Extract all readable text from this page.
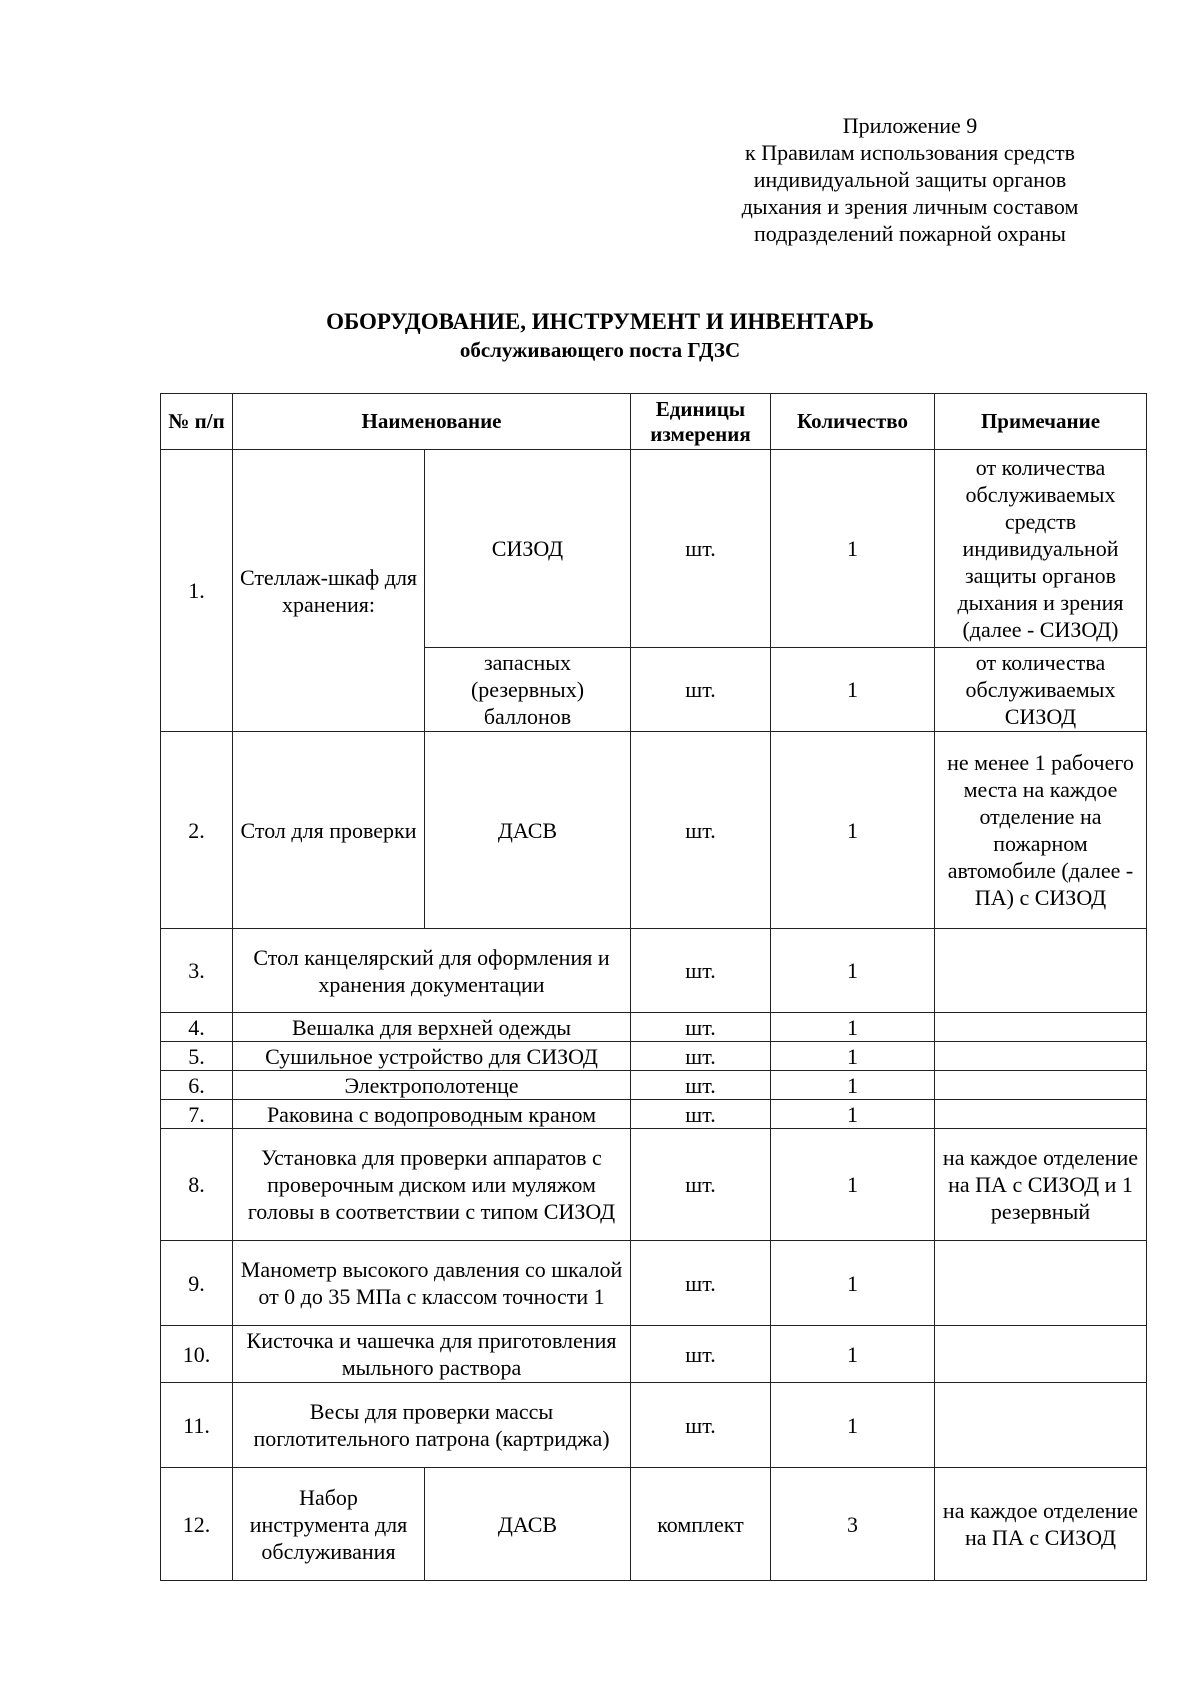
Приложение 9
к Правилам использования средств
индивидуальной защиты органов
дыхания и зрения личным составом
подразделений пожарной охраны
ОБОРУДОВАНИЕ, ИНСТРУМЕНТ И ИНВЕНТАРЬ
обслуживающего поста ГДЗС
№ п/п	Наименование		Единицы измерения	Количество	Примечание
1.	Стеллаж-шкаф для хранения:	СИЗОД	шт.	1	от количества обслуживаемых средств индивидуальной защиты органов дыхания и зрения (далее - СИЗОД)
		запасных (резервных) баллонов	шт.	1	от количества обслуживаемых СИЗОД
2.	Стол для проверки	ДАСВ	шт.	1	не менее 1 рабочего места на каждое отделение на пожарном автомобиле (далее - ПА) с СИЗОД
3.	Стол канцелярский для оформления и хранения документации		шт.	1	
4.	Вешалка для верхней одежды		шт.	1	
5.	Сушильное устройство для СИЗОД		шт.	1	
6.	Электрополотенце		шт.	1	
7.	Раковина с водопроводным краном		шт.	1	
8.	Установка для проверки аппаратов с проверочным диском или муляжом головы в соответствии с типом СИЗОД		шт.	1	на каждое отделение на ПА с СИЗОД и 1 резервный
9.	Манометр высокого давления со шкалой от 0 до 35 МПа с классом точности 1		шт.	1	
10.	Кисточка и чашечка для приготовления мыльного раствора		шт.	1	
11.	Весы для проверки массы поглотительного патрона (картриджа)		шт.	1	
12.	Набор инструмента для обслуживания	ДАСВ	комплект	3	на каждое отделение на ПА с СИЗОД
